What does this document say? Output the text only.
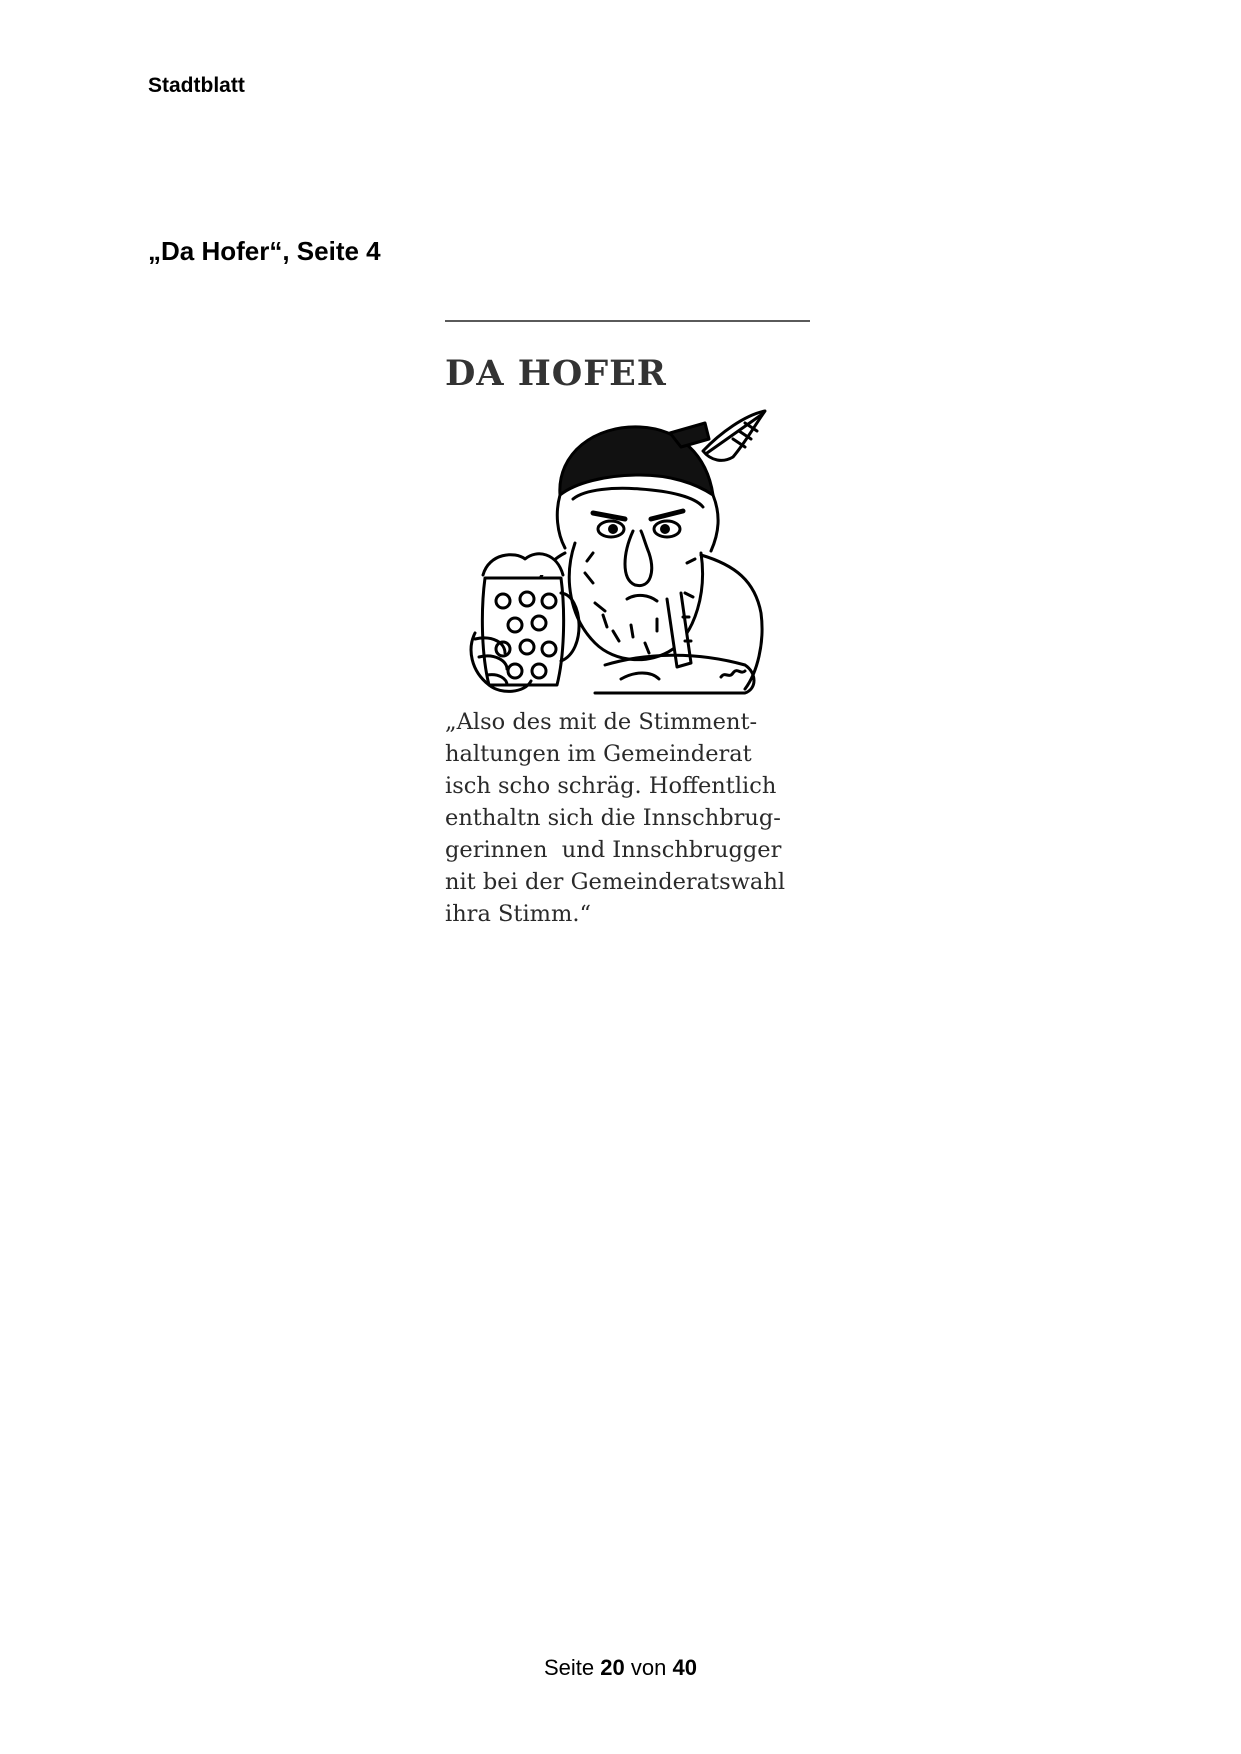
Stadtblatt
„Da Hofer“, Seite 4
DA HOFER
„Also des mit de Stimment-
haltungen im Gemeinderat
isch scho schräg. Hoffentlich
enthaltn sich die Innschbrug-
gerinnen  und Innschbrugger
nit bei der Gemeinderatswahl
ihra Stimm.“
Seite 20 von 40
